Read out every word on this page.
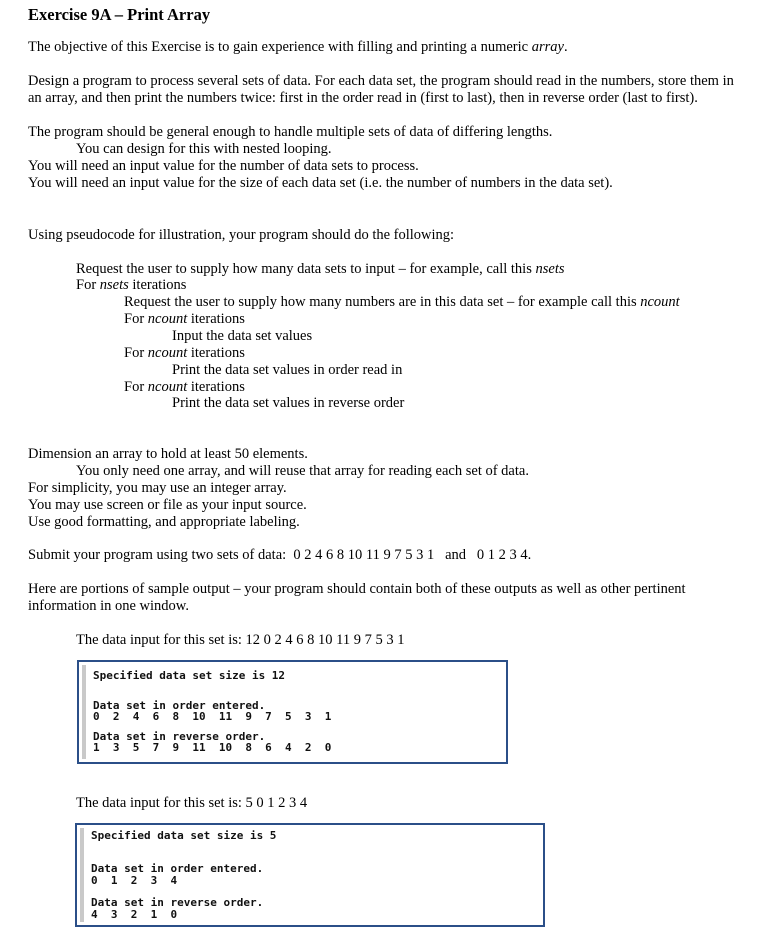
Exercise 9A – Print Array
The objective of this Exercise is to gain experience with filling and printing a numeric array.
Design a program to process several sets of data. For each data set, the program should read in the numbers, store them in
an array, and then print the numbers twice: first in the order read in (first to last), then in reverse order (last to first).
The program should be general enough to handle multiple sets of data of differing lengths.
You can design for this with nested looping.
You will need an input value for the number of data sets to process.
You will need an input value for the size of each data set (i.e. the number of numbers in the data set).
Using pseudocode for illustration, your program should do the following:
Request the user to supply how many data sets to input – for example, call this nsets
For nsets iterations
Request the user to supply how many numbers are in this data set – for example call this ncount
For ncount iterations
Input the data set values
For ncount iterations
Print the data set values in order read in
For ncount iterations
Print the data set values in reverse order
Dimension an array to hold at least 50 elements.
You only need one array, and will reuse that array for reading each set of data.
For simplicity, you may use an integer array.
You may use screen or file as your input source.
Use good formatting, and appropriate labeling.
Submit your program using two sets of data:  0 2 4 6 8 10 11 9 7 5 3 1   and   0 1 2 3 4.
Here are portions of sample output – your program should contain both of these outputs as well as other pertinent
information in one window.
The data input for this set is: 12 0 2 4 6 8 10 11 9 7 5 3 1
Specified data set size is 12
Data set in order entered.
0  2  4  6  8  10  11  9  7  5  3  1
Data set in reverse order.
1  3  5  7  9  11  10  8  6  4  2  0
The data input for this set is: 5 0 1 2 3 4
Specified data set size is 5
Data set in order entered.
0  1  2  3  4
Data set in reverse order.
4  3  2  1  0
